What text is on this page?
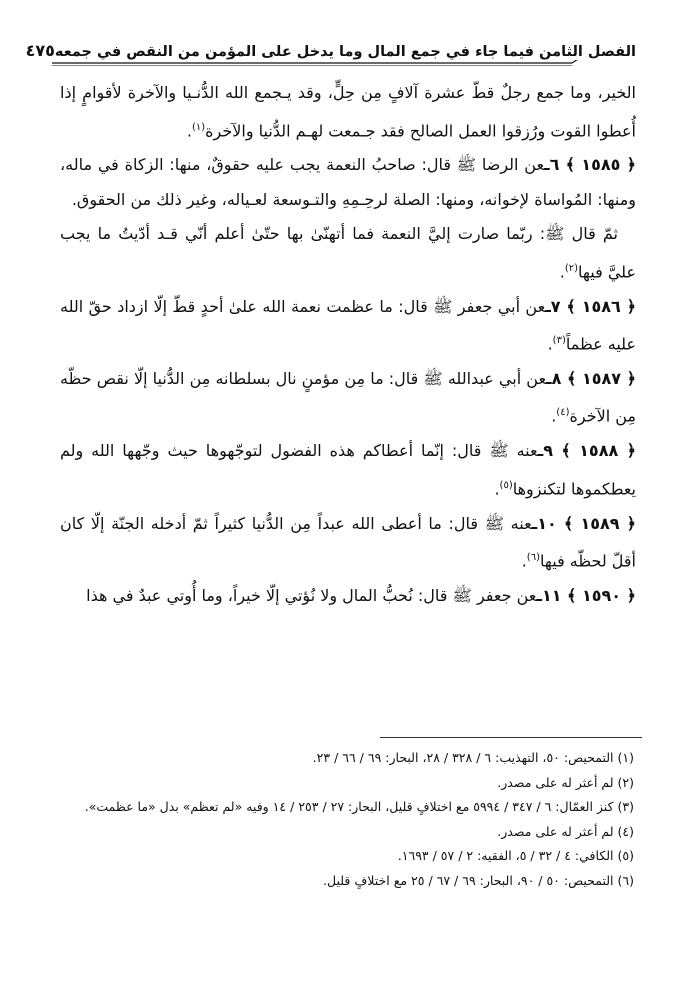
الفصل الثامن فيما جاء في جمع المال وما يدخل على المؤمن من النقص في جمعه
٤٧٥

الخير، وما جمع رجلٌ قطّ عشرة آلافٍ مِن حِلٍّ، وقد يـجمع الله الدُّنـيا والآخرة لأقوامٍ إذا أُعطوا القوت ورُزقوا العمل الصالح فقد جـمعت لهـم الدُّنيا والآخرة$^{(١)}$.

﴿ ١٥٨٥ ﴾ ٦ـعن الرضا ﷺ قال: صاحبُ النعمة يجب عليه حقوقٌ، منها: الزكاة في ماله، ومنها: المُواساة لإخوانه، ومنها: الصلة لرحِـمِهِ والتـوسعة لعـياله، وغير ذلك من الحقوق.

ثمّ قال ﷺ: ربّما صارت إليَّ النعمة فما أتهنّىٰ بها حتّىٰ أعلم أنّي قـد أدّيتُ ما يجب عليَّ فيها$^{(٢)}$.

﴿ ١٥٨٦ ﴾ ٧ـعن أبي جعفر ﷺ قال: ما عظمت نعمة الله علىٰ أحدٍ قطّ إلّا ازداد حقّ الله عليه عظماً$^{(٣)}$.

﴿ ١٥٨٧ ﴾ ٨ـعن أبي عبدالله ﷺ قال: ما مِن مؤمنٍ نال بسلطانه مِن الدُّنيا إلّا نقص حظّه مِن الآخرة$^{(٤)}$.

﴿ ١٥٨٨ ﴾ ٩ـعنه ﷺ قال: إنّما أعطاكم هذه الفضول لتوجّهوها حيث وجّهها الله ولم يعطكموها لتكنزوها$^{(٥)}$.

﴿ ١٥٨٩ ﴾ ١٠ـعنه ﷺ قال: ما أعطى الله عبداً مِن الدُّنيا كثيراً ثمّ أدخله الجنّة إلّا كان أقلّ لحظّه فيها$^{(٦)}$.

﴿ ١٥٩٠ ﴾ ١١ـعن جعفر ﷺ قال: نُحبُّ المال ولا نُؤتي إلّا خيراً، وما أُوتي عبدٌ في هذا

(١) التمحيص: ٥٠، التهذيب: ٦ / ٣٢٨ / ٢٨، البحار: ٦٩ / ٦٦ / ٢٣.

(٢) لم أعثر له على مصدر.

(٣) كنز العمّال: ٦ / ٣٤٧ / ٥٩٩٤ مع اختلافٍ قليل، البحار: ٢٧ / ٢٥٣ / ١٤ وفيه «لم تعظم» بدل «ما عظمت».

(٤) لم أعثر له على مصدر.

(٥) الكافي: ٤ / ٣٢ / ٥، الفقيه: ٢ / ٥٧ / ١٦٩٣.

(٦) التمحيص: ٥٠ / ٩٠، البحار: ٦٩ / ٦٧ / ٢٥ مع اختلافٍ قليل.
